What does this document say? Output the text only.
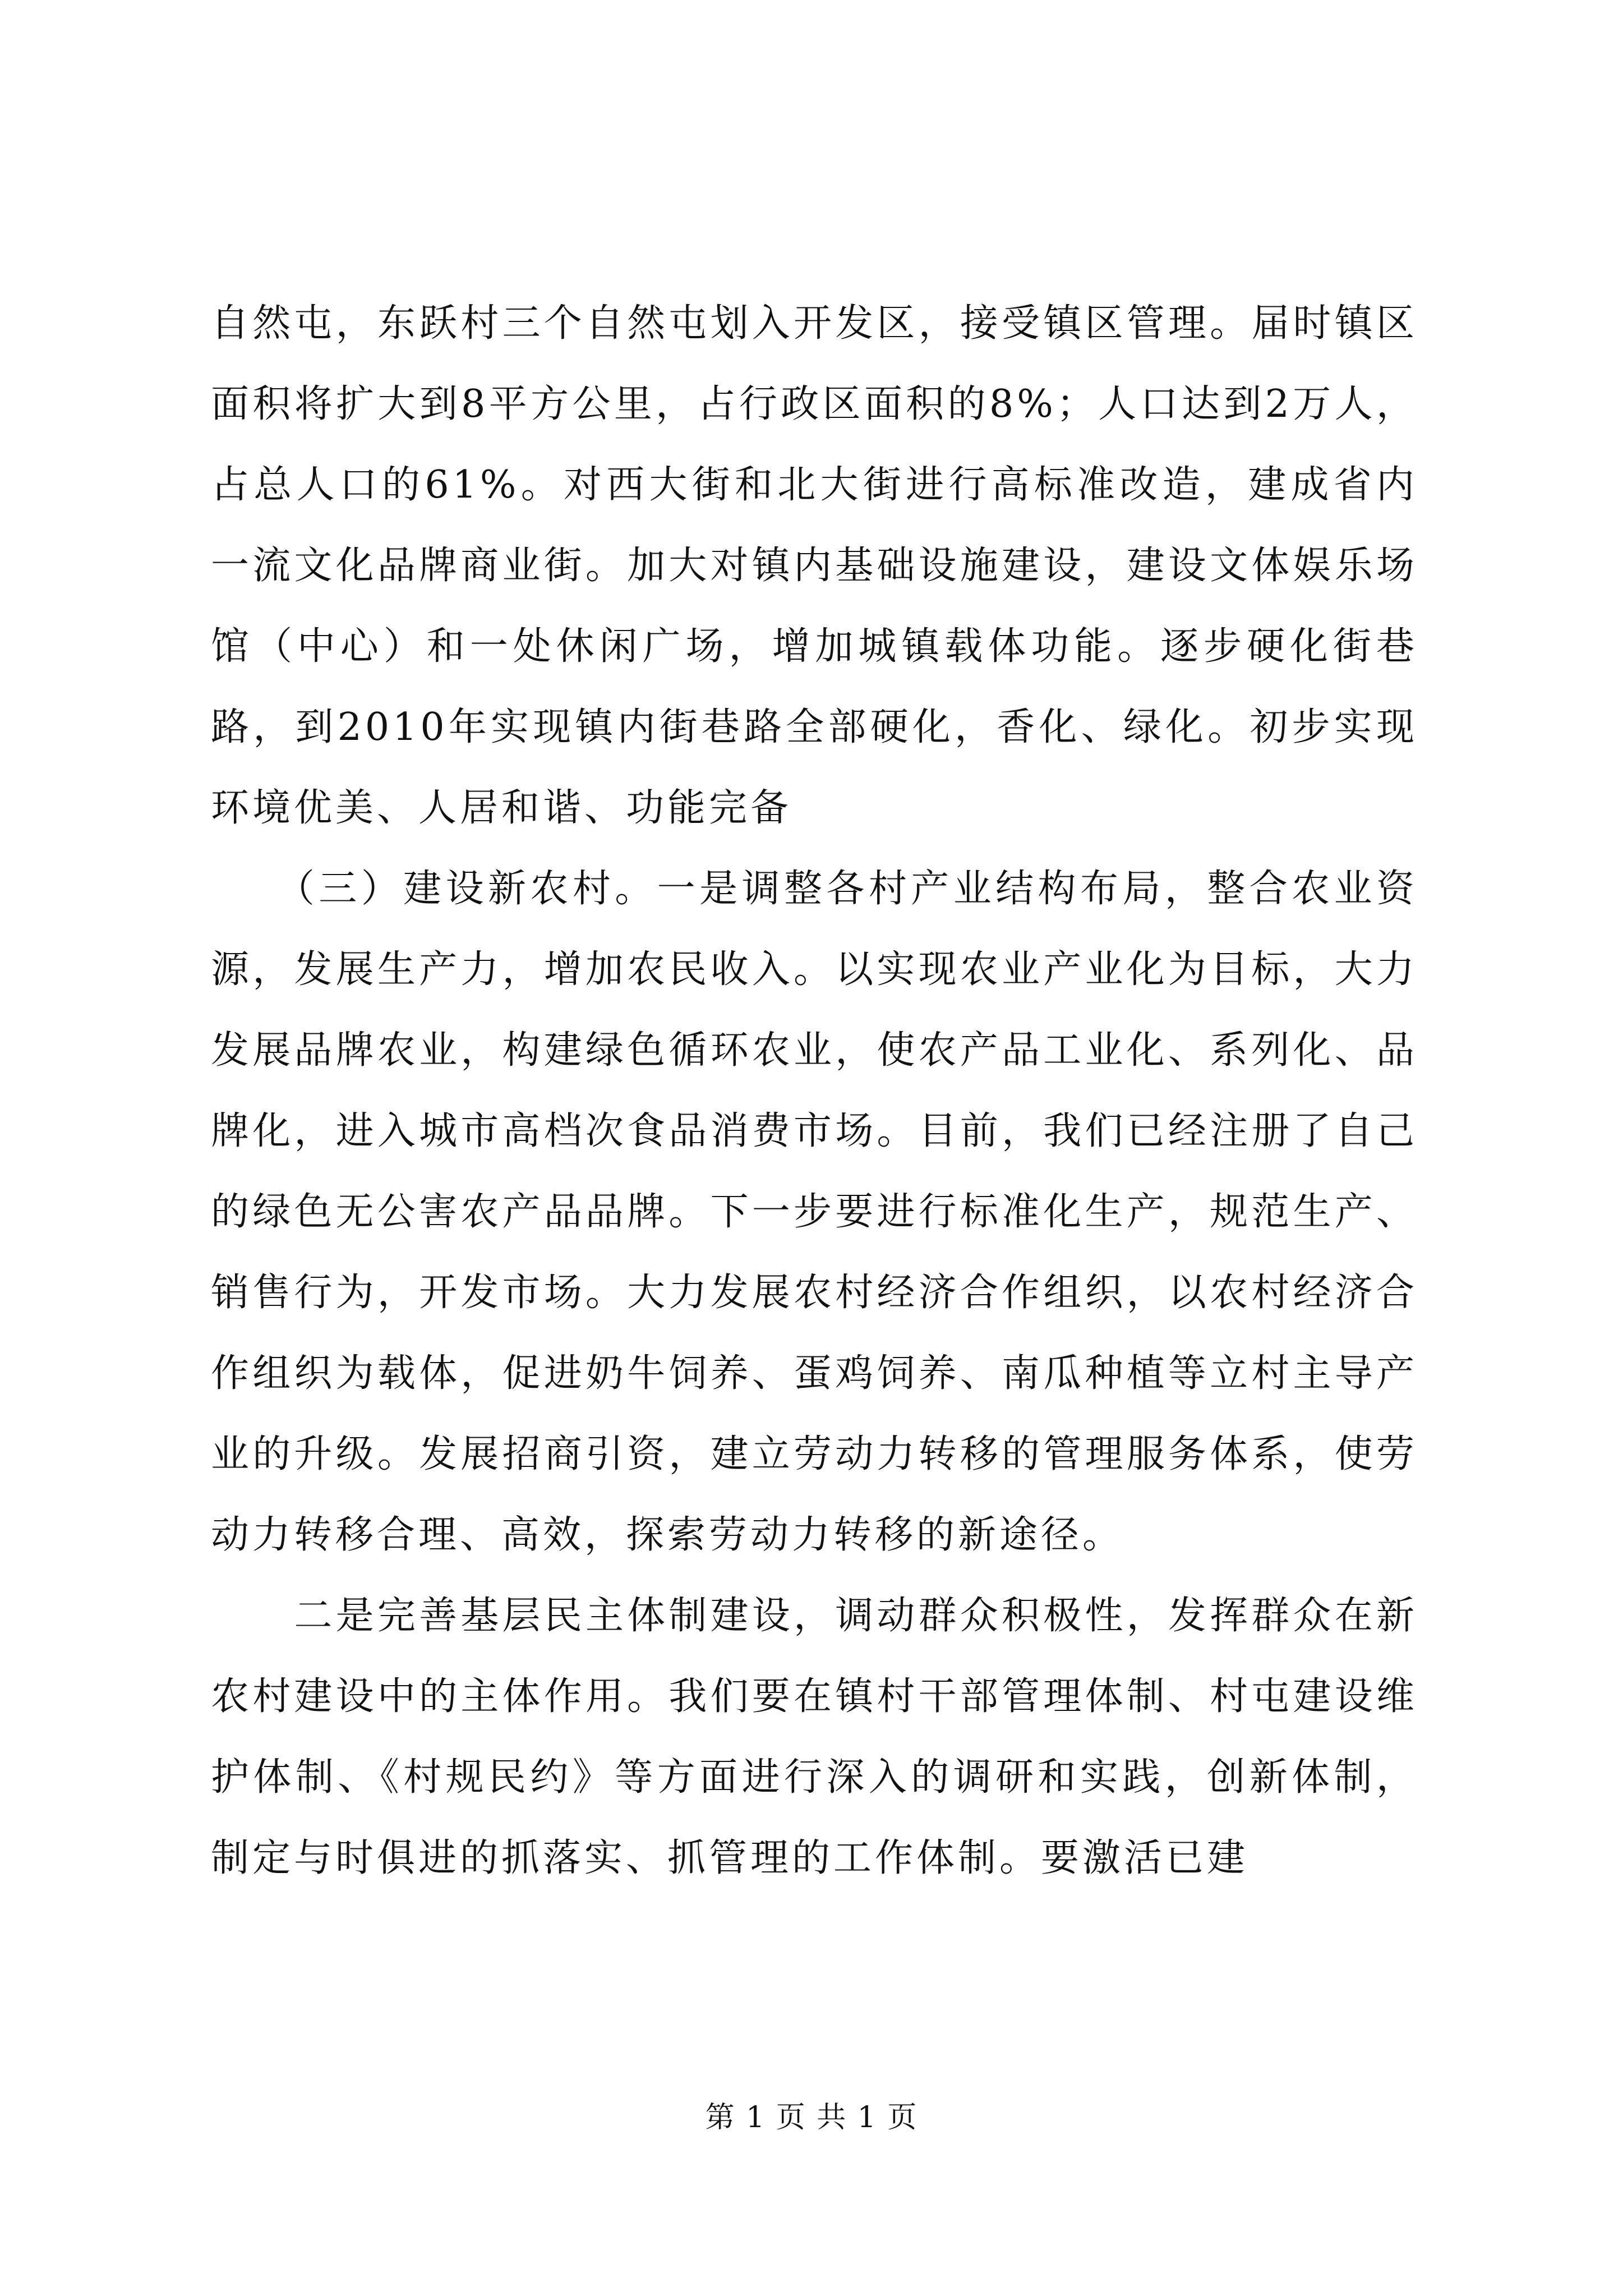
自然屯，东跃村三个自然屯划入开发区，接受镇区管理。届时镇区面积将扩大到8平方公里，占行政区面积的8%；人口达到2万人，占总人口的61%。对西大街和北大街进行高标准改造，建成省内一流文化品牌商业街。加大对镇内基础设施建设，建设文体娱乐场馆（中心）和一处休闲广场，增加城镇载体功能。逐步硬化街巷路，到2010年实现镇内街巷路全部硬化，香化、绿化。初步实现环境优美、人居和谐、功能完备

　　（三）建设新农村。一是调整各村产业结构布局，整合农业资源，发展生产力，增加农民收入。以实现农业产业化为目标，大力发展品牌农业，构建绿色循环农业，使农产品工业化、系列化、品牌化，进入城市高档次食品消费市场。目前，我们已经注册了自己的绿色无公害农产品品牌。下一步要进行标准化生产，规范生产、销售行为，开发市场。大力发展农村经济合作组织，以农村经济合作组织为载体，促进奶牛饲养、蛋鸡饲养、南瓜种植等立村主导产业的升级。发展招商引资，建立劳动力转移的管理服务体系，使劳动力转移合理、高效，探索劳动力转移的新途径。

　　二是完善基层民主体制建设，调动群众积极性，发挥群众在新农村建设中的主体作用。我们要在镇村干部管理体制、村屯建设维护体制、《村规民约》等方面进行深入的调研和实践，创新体制，制定与时俱进的抓落实、抓管理的工作体制。要激活已建

第 1 页 共 1 页
